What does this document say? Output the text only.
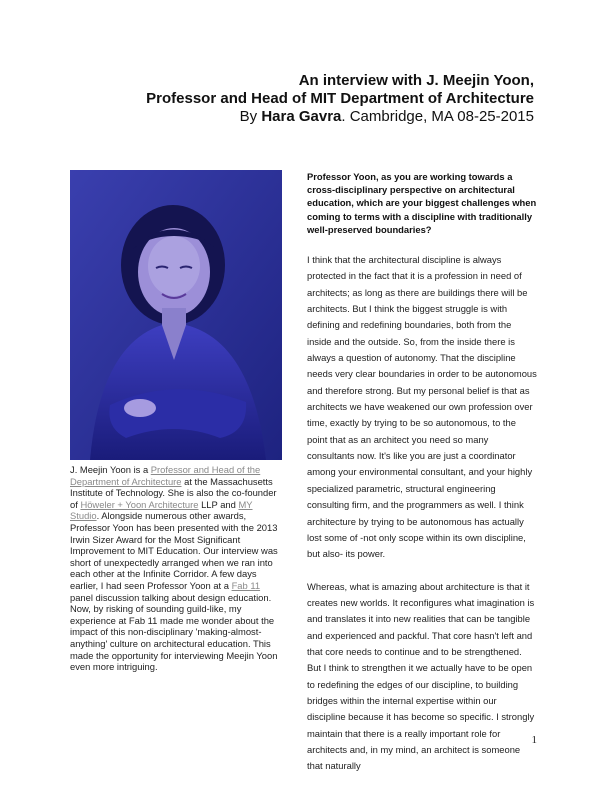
An interview with J. Meejin Yoon,
Professor and Head of MIT Department of Architecture
By Hara Gavra. Cambridge, MA 08-25-2015
J. Meejin Yoon is a Professor and Head of the Department of Architecture at the Massachusetts Institute of Technology. She is also the co-founder of Höweler + Yoon Architecture LLP and MY Studio. Alongside numerous other awards, Professor Yoon has been presented with the 2013 Irwin Sizer Award for the Most Significant Improvement to MIT Education. Our interview was short of unexpectedly arranged when we ran into each other at the Infinite Corridor. A few days earlier, I had seen Professor Yoon at a Fab 11 panel discussion talking about design education. Now, by risking of sounding guild-like, my experience at Fab 11 made me wonder about the impact of this non-disciplinary 'making-almost-anything' culture on architectural education. This made the opportunity for interviewing Meejin Yoon even more intriguing.

Professor Yoon, as you are working towards a cross-disciplinary perspective on architectural education, which are your biggest challenges when coming to terms with a discipline with traditionally well-preserved boundaries?

I think that the architectural discipline is always protected in the fact that it is a profession in need of architects; as long as there are buildings there will be architects. But I think the biggest struggle is with defining and redefining boundaries, both from the inside and the outside. So, from the inside there is always a question of autonomy. That the discipline needs very clear boundaries in order to be autonomous and therefore strong. But my personal belief is that as architects we have weakened our own profession over time, exactly by trying to be so autonomous, to the point that as an architect you need so many consultants now. It's like you are just a coordinator among your environmental consultant, and your highly specialized parametric, structural engineering consulting firm, and the programmers as well. I think architecture by trying to be autonomous has actually lost some of -not only scope within its own discipline, but also- its power.

Whereas, what is amazing about architecture is that it creates new worlds. It reconfigures what imagination is and translates it into new realities that can be tangible and experienced and packful. That core hasn't left and that core needs to continue and to be strengthened. But I think to strengthen it we actually have to be open to redefining the edges of our discipline, to building bridges within the internal expertise within our discipline because it has become so specific. I strongly maintain that there is a really important role for architects and, in my mind, an architect is someone that naturally

1
